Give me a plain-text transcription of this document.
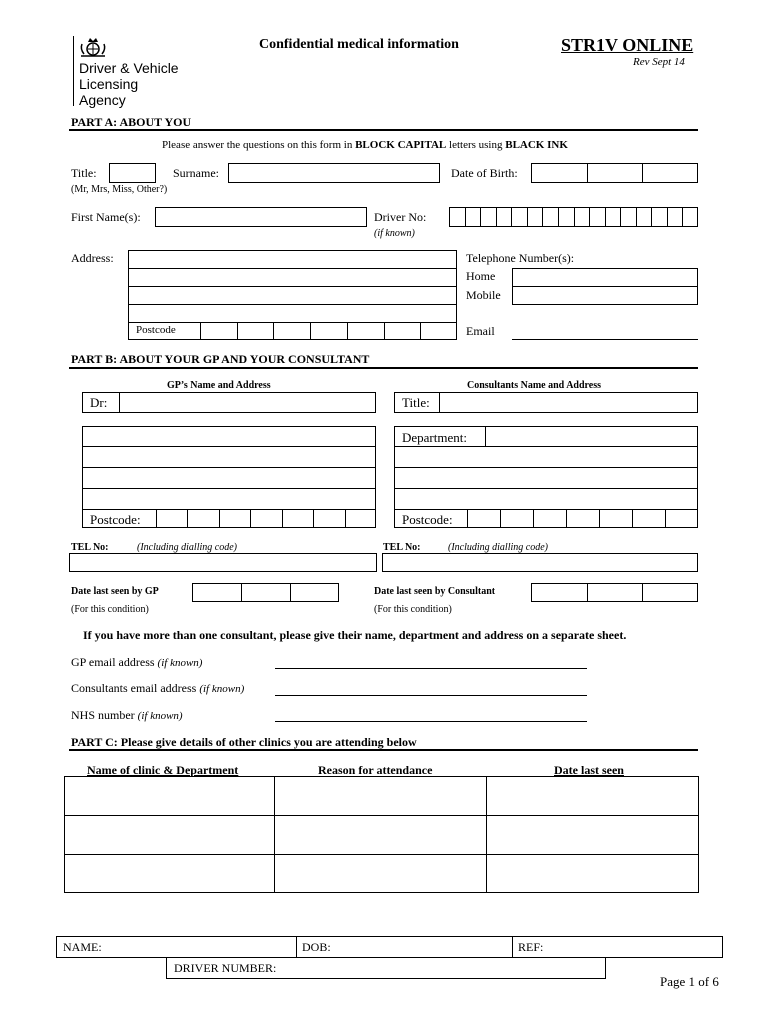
Driver & Vehicle
Licensing
Agency
Confidential medical information	STR1V ONLINE
Rev Sept 14
PART A: ABOUT YOU
Please answer the questions on this form in BLOCK CAPITAL letters using BLACK INK
Title:
(Mr, Mrs, Miss, Other?)
Surname:	Date of Birth:
First Name(s):	Driver No:
(if known)
Address:
Postcode
Telephone Number(s):
Home
Mobile
Email
PART B: ABOUT YOUR GP AND YOUR CONSULTANT
GP’s Name and Address	Consultants Name and Address
Dr:	Title:
Postcode:
Department:
Postcode:
TEL No:	(Including dialling code)	TEL No:	(Including dialling code)
Date last seen by GP
(For this condition)
Date last seen by Consultant
(For this condition)
If you have more than one consultant, please give their name, department and address on a separate sheet.
GP email address (if known)
Consultants email address (if known)
NHS number (if known)
PART C: Please give details of other clinics you are attending below
Name of clinic & Department	Reason for attendance	Date last seen
NAME:	DOB:	REF:
DRIVER NUMBER:
Page 1 of 6
